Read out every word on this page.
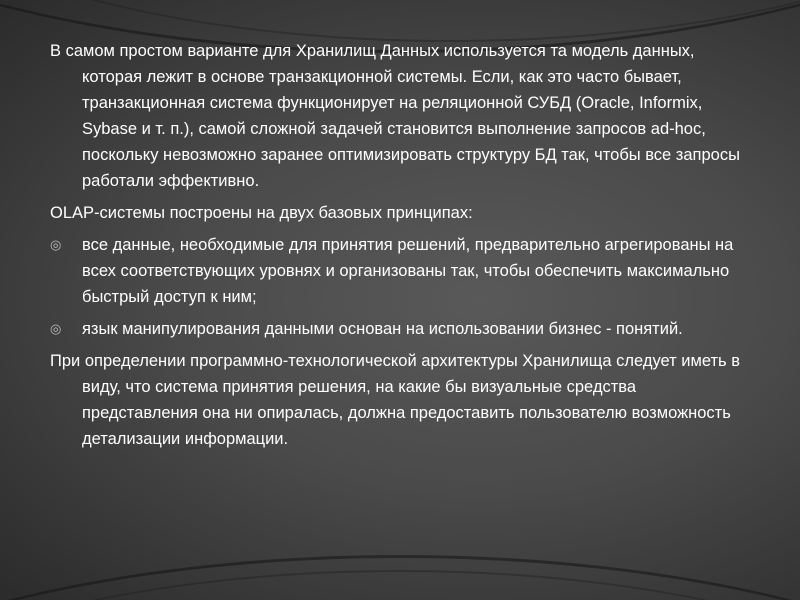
В самом простом варианте для Хранилищ Данных используется та модель данных, которая лежит в основе транзакционной системы. Если, как это часто бывает, транзакционная система функционирует на реляционной СУБД (Oracle, Informix, Sybase и т. п.), самой сложной задачей становится выполнение запросов ad-hoc, поскольку невозможно заранее оптимизировать структуру БД так, чтобы все запросы работали эффективно.

OLAP-системы построены на двух базовых принципах:

◎ все данные, необходимые для принятия решений, предварительно агрегированы на всех соответствующих уровнях и организованы так, чтобы обеспечить максимально быстрый доступ к ним;
◎ язык манипулирования данными основан на использовании бизнес - понятий.

При определении программно-технологической архитектуры Хранилища следует иметь в виду, что система принятия решения, на какие бы визуальные средства представления она ни опиралась, должна предоставить пользователю возможность детализации информации.
